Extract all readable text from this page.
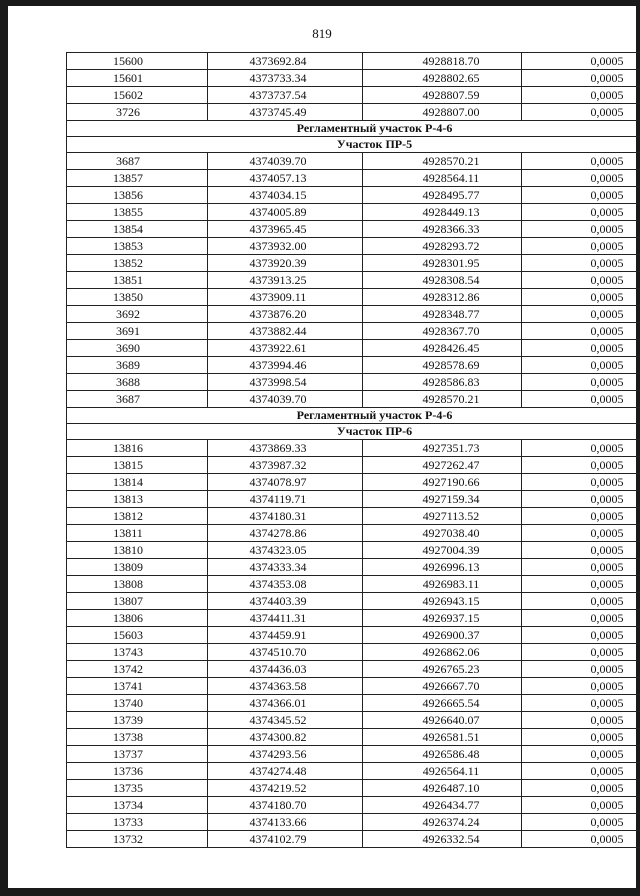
819
15600	4373692.84	4928818.70	0,0005
15601	4373733.34	4928802.65	0,0005
15602	4373737.54	4928807.59	0,0005
3726	4373745.49	4928807.00	0,0005
Регламентный участок Р-4-6			
Участок ПР-5			
3687	4374039.70	4928570.21	0,0005
13857	4374057.13	4928564.11	0,0005
13856	4374034.15	4928495.77	0,0005
13855	4374005.89	4928449.13	0,0005
13854	4373965.45	4928366.33	0,0005
13853	4373932.00	4928293.72	0,0005
13852	4373920.39	4928301.95	0,0005
13851	4373913.25	4928308.54	0,0005
13850	4373909.11	4928312.86	0,0005
3692	4373876.20	4928348.77	0,0005
3691	4373882.44	4928367.70	0,0005
3690	4373922.61	4928426.45	0,0005
3689	4373994.46	4928578.69	0,0005
3688	4373998.54	4928586.83	0,0005
3687	4374039.70	4928570.21	0,0005
Регламентный участок Р-4-6			
Участок ПР-6			
13816	4373869.33	4927351.73	0,0005
13815	4373987.32	4927262.47	0,0005
13814	4374078.97	4927190.66	0,0005
13813	4374119.71	4927159.34	0,0005
13812	4374180.31	4927113.52	0,0005
13811	4374278.86	4927038.40	0,0005
13810	4374323.05	4927004.39	0,0005
13809	4374333.34	4926996.13	0,0005
13808	4374353.08	4926983.11	0,0005
13807	4374403.39	4926943.15	0,0005
13806	4374411.31	4926937.15	0,0005
15603	4374459.91	4926900.37	0,0005
13743	4374510.70	4926862.06	0,0005
13742	4374436.03	4926765.23	0,0005
13741	4374363.58	4926667.70	0,0005
13740	4374366.01	4926665.54	0,0005
13739	4374345.52	4926640.07	0,0005
13738	4374300.82	4926581.51	0,0005
13737	4374293.56	4926586.48	0,0005
13736	4374274.48	4926564.11	0,0005
13735	4374219.52	4926487.10	0,0005
13734	4374180.70	4926434.77	0,0005
13733	4374133.66	4926374.24	0,0005
13732	4374102.79	4926332.54	0,0005
